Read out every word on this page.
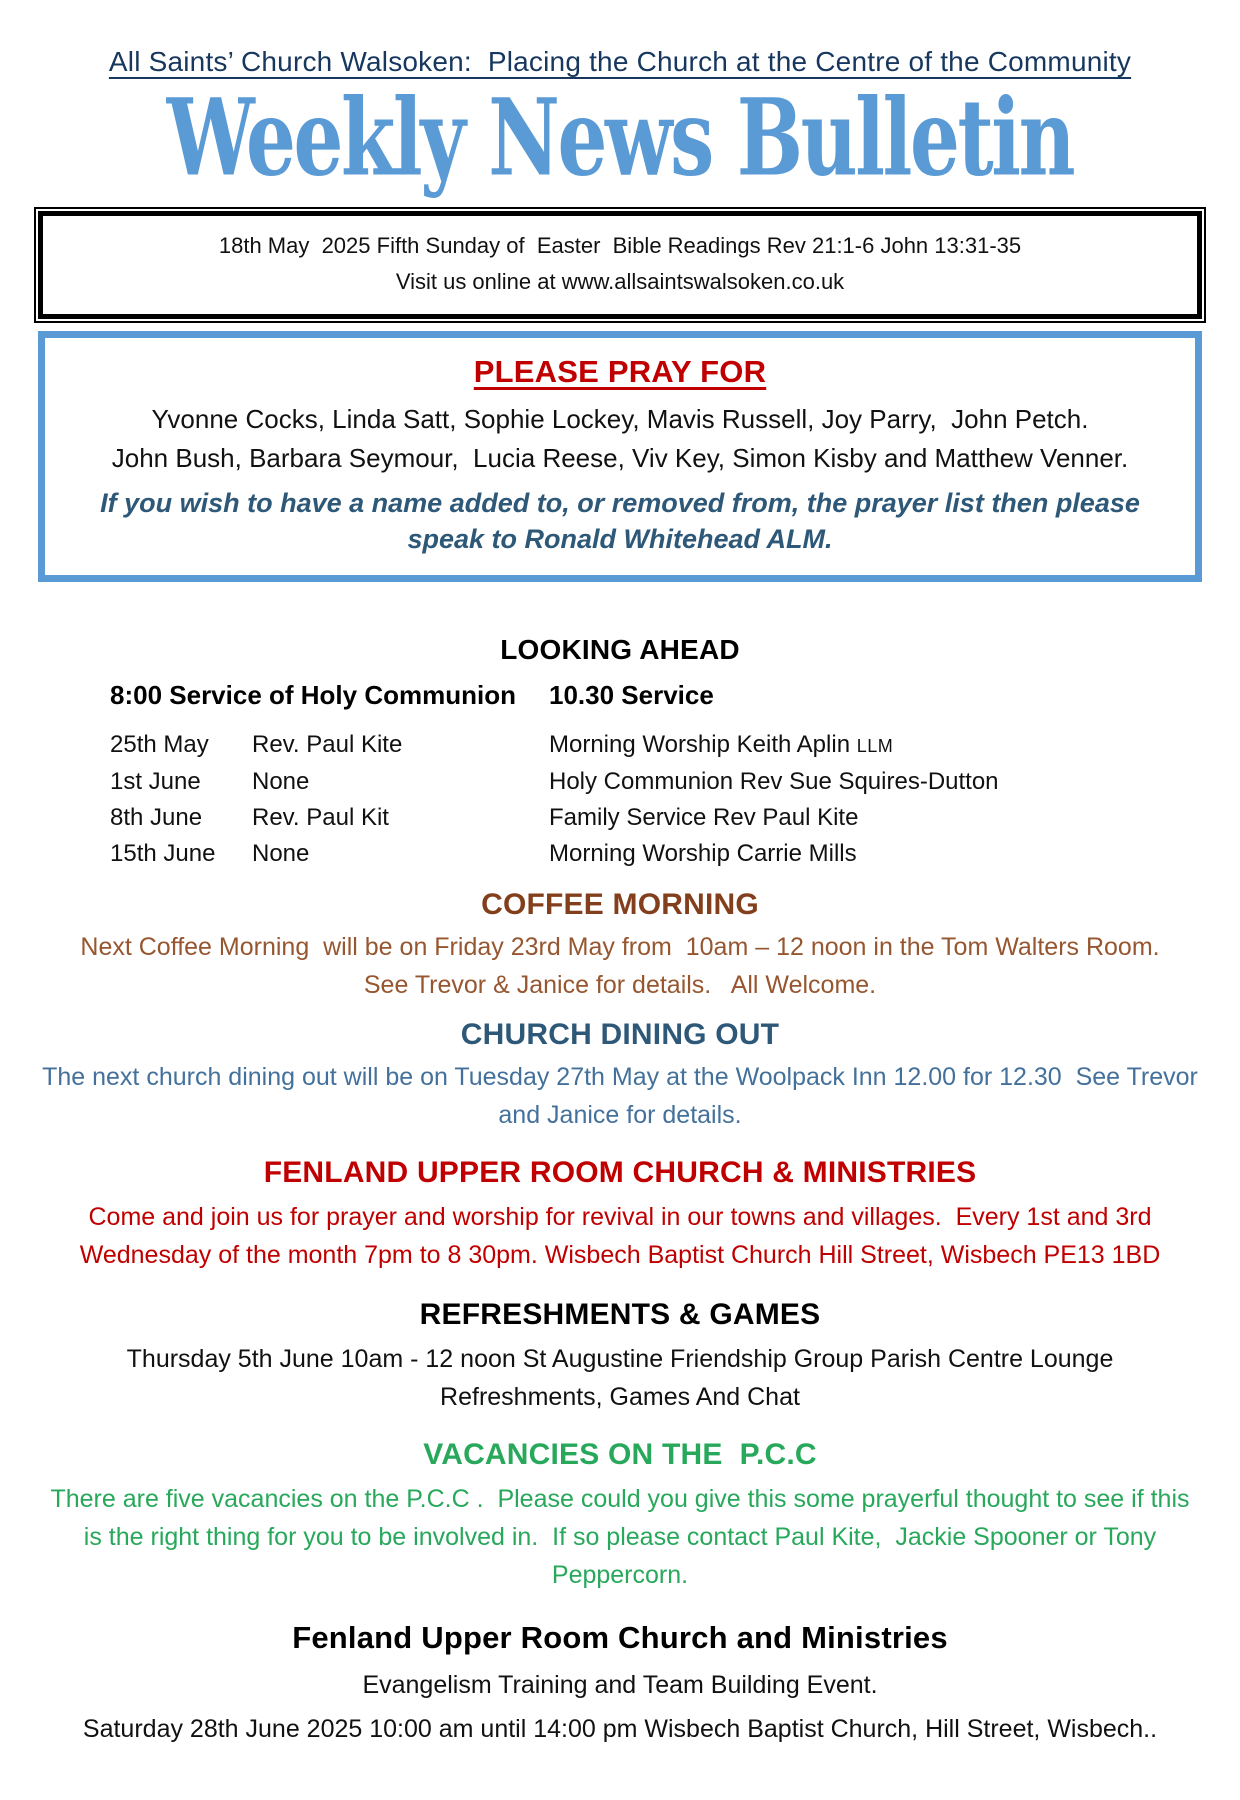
All Saints’ Church Walsoken:  Placing the Church at the Centre of the Community
Weekly News Bulletin

18th May  2025 Fifth Sunday of  Easter  Bible Readings Rev 21:1-6 John 13:31-35

Visit us online at www.allsaintswalsoken.co.uk

PLEASE PRAY FOR

Yvonne Cocks, Linda Satt, Sophie Lockey, Mavis Russell, Joy Parry,  John Petch.

John Bush, Barbara Seymour,  Lucia Reese, Viv Key, Simon Kisby and Matthew Venner.

If you wish to have a name added to, or removed from, the prayer list then please speak to Ronald Whitehead ALM.

LOOKING AHEAD
8:00 Service of Holy Communion	10.30 Service
25th May	Rev. Paul Kite	Morning Worship Keith Aplin LLM
1st June	None	Holy Communion Rev Sue Squires-Dutton
8th June	Rev. Paul Kit	Family Service Rev Paul Kite
15th June	None	Morning Worship Carrie Mills
COFFEE MORNING

Next Coffee Morning  will be on Friday 23rd May from  10am – 12 noon in the Tom Walters Room.

See Trevor & Janice for details.   All Welcome.

CHURCH DINING OUT

The next church dining out will be on Tuesday 27th May at the Woolpack Inn 12.00 for 12.30  See Trevor and Janice for details.

FENLAND UPPER ROOM CHURCH & MINISTRIES

Come and join us for prayer and worship for revival in our towns and villages.  Every 1st and 3rd Wednesday of the month 7pm to 8 30pm. Wisbech Baptist Church Hill Street, Wisbech PE13 1BD

REFRESHMENTS & GAMES

Thursday 5th June 10am - 12 noon St Augustine Friendship Group Parish Centre Lounge

Refreshments, Games And Chat

VACANCIES ON THE  P.C.C

There are five vacancies on the P.C.C .  Please could you give this some prayerful thought to see if this is the right thing for you to be involved in.  If so please contact Paul Kite,  Jackie Spooner or Tony Peppercorn.

Fenland Upper Room Church and Ministries

Evangelism Training and Team Building Event.

Saturday 28th June 2025 10:00 am until 14:00 pm Wisbech Baptist Church, Hill Street, Wisbech..
